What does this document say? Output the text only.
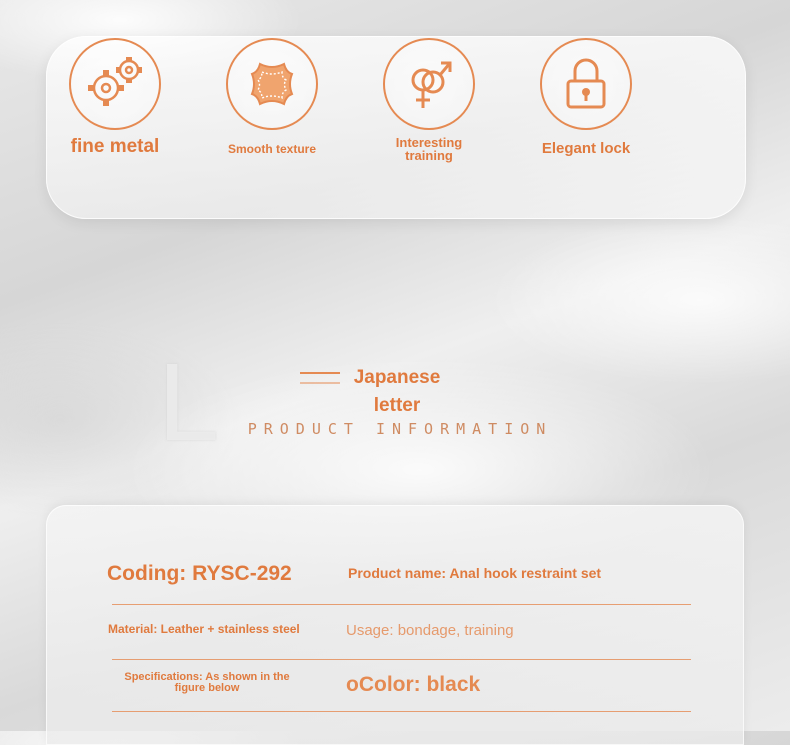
fine metal	Smooth texture	Interesting
training	Elegant lock
L	Japanese letter
PRODUCT INFORMATION
Coding: RYSC-292	Product name: Anal hook restraint set
Material: Leather + stainless steel	Usage: bondage, training
Specifications: As shown in the figure below	oColor: black
